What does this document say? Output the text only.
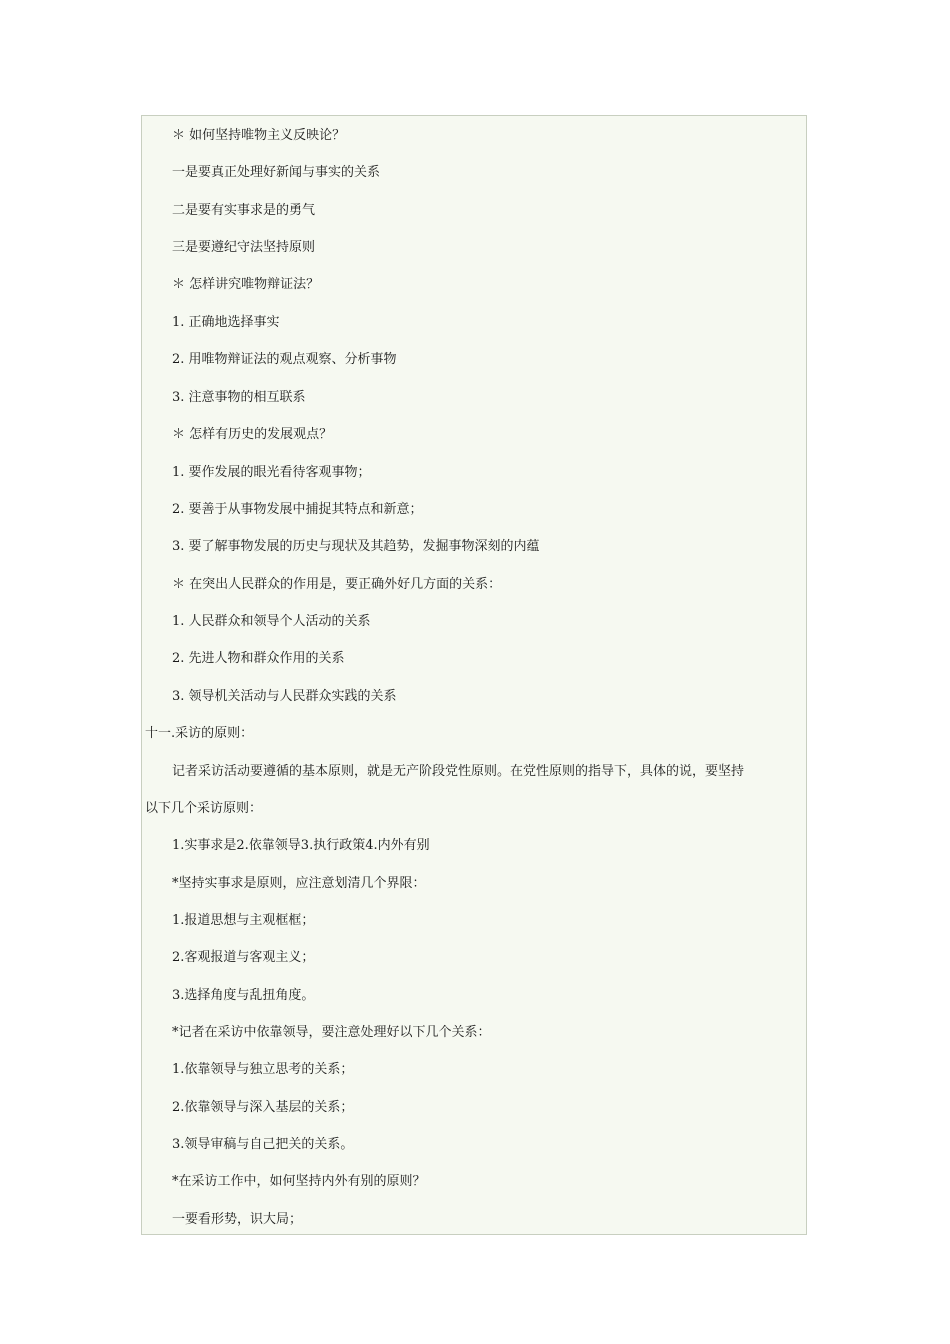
＊ 如何坚持唯物主义反映论？
一是要真正处理好新闻与事实的关系
二是要有实事求是的勇气
三是要遵纪守法坚持原则
＊ 怎样讲究唯物辩证法？
1. 正确地选择事实
2. 用唯物辩证法的观点观察、分析事物
3. 注意事物的相互联系
＊ 怎样有历史的发展观点？
1. 要作发展的眼光看待客观事物；
2. 要善于从事物发展中捕捉其特点和新意；
3. 要了解事物发展的历史与现状及其趋势，发掘事物深刻的内蕴
＊ 在突出人民群众的作用是，要正确外好几方面的关系：
1. 人民群众和领导个人活动的关系
2. 先进人物和群众作用的关系
3. 领导机关活动与人民群众实践的关系
十一.采访的原则：
记者采访活动要遵循的基本原则，就是无产阶段党性原则。在党性原则的指导下，具体的说，要坚持
以下几个采访原则：
1.实事求是2.依靠领导3.执行政策4.内外有别
*坚持实事求是原则，应注意划清几个界限：
1.报道思想与主观框框；
2.客观报道与客观主义；
3.选择角度与乱扭角度。
*记者在采访中依靠领导，要注意处理好以下几个关系：
1.依靠领导与独立思考的关系；
2.依靠领导与深入基层的关系；
3.领导审稿与自己把关的关系。
*在采访工作中，如何坚持内外有别的原则？
一要看形势，识大局；
